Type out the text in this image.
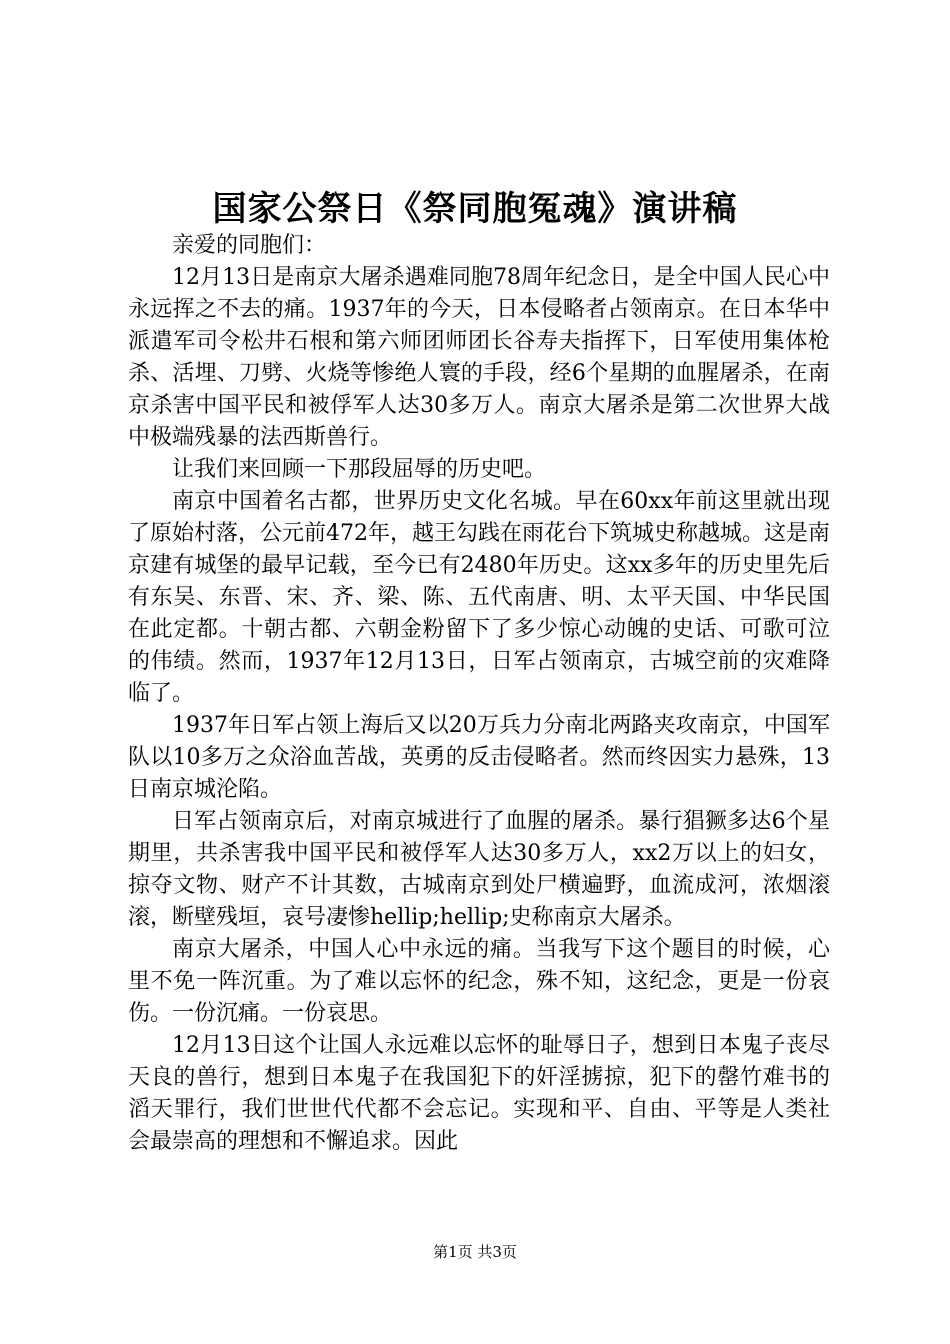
国家公祭日《祭同胞冤魂》演讲稿

亲爱的同胞们：

12月13日是南京大屠杀遇难同胞78周年纪念日，是全中国人民心中永远挥之不去的痛。1937年的今天，日本侵略者占领南京。在日本华中派遣军司令松井石根和第六师团师团长谷寿夫指挥下，日军使用集体枪杀、活埋、刀劈、火烧等惨绝人寰的手段，经6个星期的血腥屠杀，在南京杀害中国平民和被俘军人达30多万人。南京大屠杀是第二次世界大战中极端残暴的法西斯兽行。

让我们来回顾一下那段屈辱的历史吧。

南京中国着名古都，世界历史文化名城。早在60xx年前这里就出现了原始村落，公元前472年，越王勾践在雨花台下筑城史称越城。这是南京建有城堡的最早记载，至今已有2480年历史。这xx多年的历史里先后有东吴、东晋、宋、齐、梁、陈、五代南唐、明、太平天国、中华民国在此定都。十朝古都、六朝金粉留下了多少惊心动魄的史话、可歌可泣的伟绩。然而，1937年12月13日，日军占领南京，古城空前的灾难降临了。

1937年日军占领上海后又以20万兵力分南北两路夹攻南京，中国军队以10多万之众浴血苦战，英勇的反击侵略者。然而终因实力悬殊，13日南京城沦陷。

日军占领南京后，对南京城进行了血腥的屠杀。暴行猖獗多达6个星期里，共杀害我中国平民和被俘军人达30多万人，xx2万以上的妇女，掠夺文物、财产不计其数，古城南京到处尸横遍野，血流成河，浓烟滚滚，断壁残垣，哀号凄惨hellip;hellip;史称南京大屠杀。

南京大屠杀，中国人心中永远的痛。当我写下这个题目的时候，心里不免一阵沉重。为了难以忘怀的纪念，殊不知，这纪念，更是一份哀伤。一份沉痛。一份哀思。

12月13日这个让国人永远难以忘怀的耻辱日子，想到日本鬼子丧尽天良的兽行，想到日本鬼子在我国犯下的奸淫掳掠，犯下的罄竹难书的滔天罪行，我们世世代代都不会忘记。实现和平、自由、平等是人类社会最崇高的理想和不懈追求。因此

第1页 共3页
